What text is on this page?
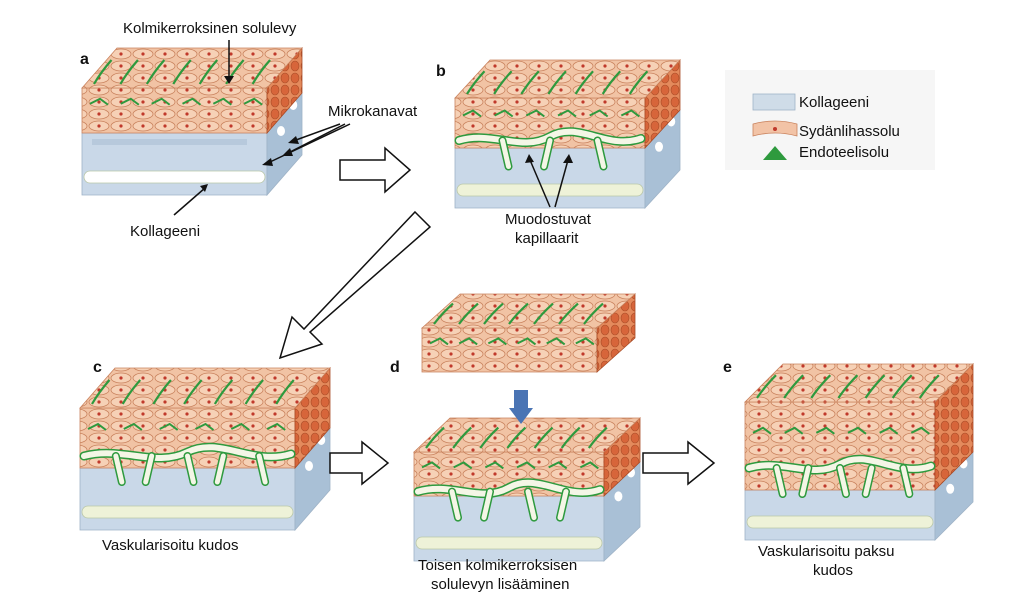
a
b
c	d	e
Kolmikerroksinen solulevy
Mikrokanavat
Kollageeni
Muodostuvat
kapillaarit
Vaskularisoitu kudos
Toisen kolmikerroksisen
solulevyn lisääminen
Vaskularisoitu paksu
kudos
Kollageeni
Sydänlihassolu
Endoteelisolu
